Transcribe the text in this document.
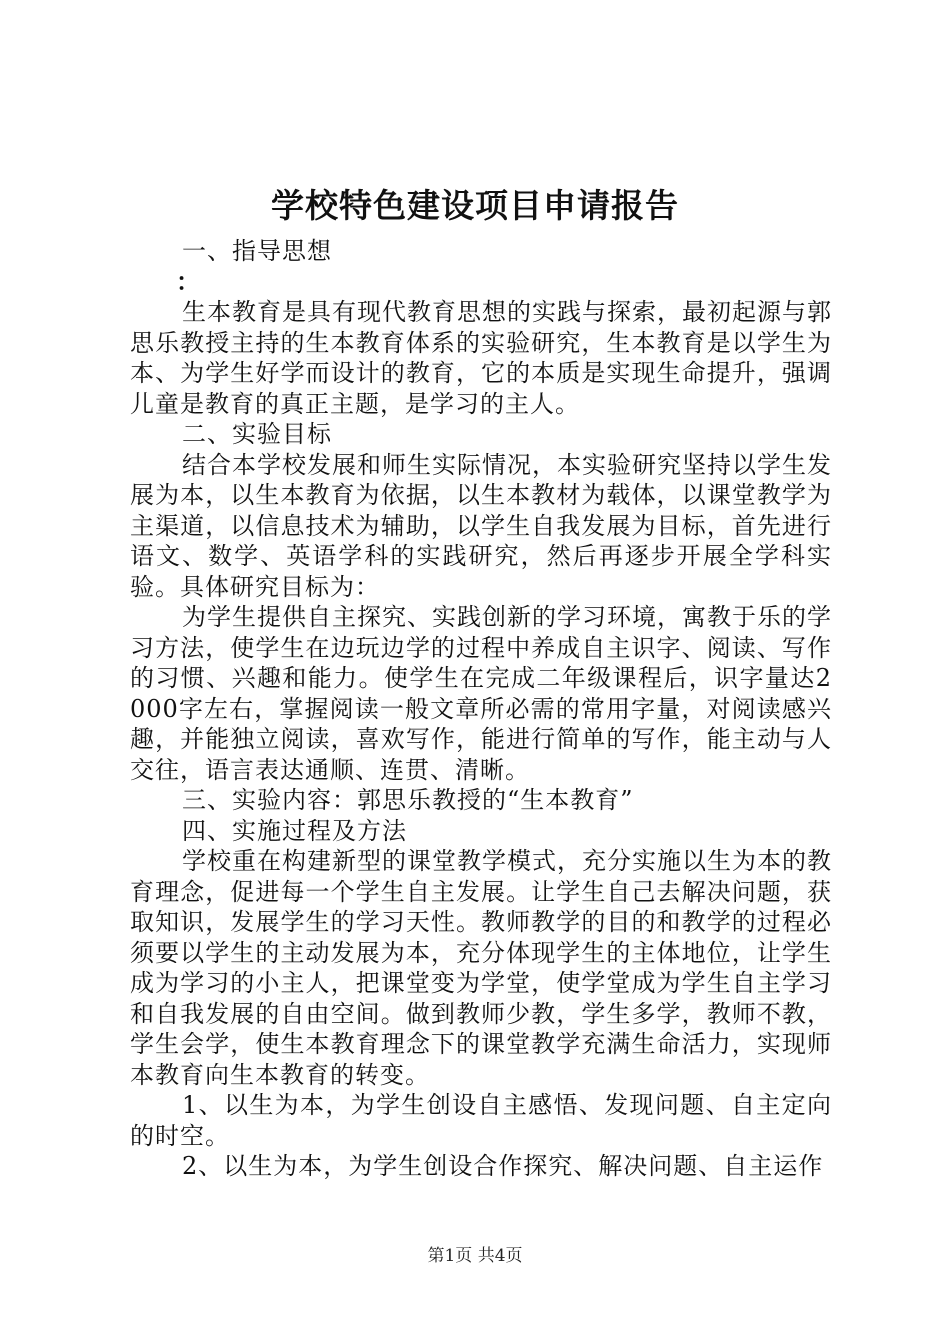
学校特色建设项目申请报告

一、指导思想

：

生本教育是具有现代教育思想的实践与探索，最初起源与郭思乐教授主持的生本教育体系的实验研究，生本教育是以学生为本、为学生好学而设计的教育，它的本质是实现生命提升，强调儿童是教育的真正主题，是学习的主人。

二、实验目标

结合本学校发展和师生实际情况，本实验研究坚持以学生发展为本，以生本教育为依据，以生本教材为载体，以课堂教学为主渠道，以信息技术为辅助，以学生自我发展为目标，首先进行语文、数学、英语学科的实践研究，然后再逐步开展全学科实验。具体研究目标为：

为学生提供自主探究、实践创新的学习环境，寓教于乐的学习方法，使学生在边玩边学的过程中养成自主识字、阅读、写作的习惯、兴趣和能力。使学生在完成二年级课程后，识字量达2000字左右，掌握阅读一般文章所必需的常用字量，对阅读感兴趣，并能独立阅读，喜欢写作，能进行简单的写作，能主动与人交往，语言表达通顺、连贯、清晰。

三、实验内容：郭思乐教授的“生本教育”

四、实施过程及方法

学校重在构建新型的课堂教学模式，充分实施以生为本的教育理念，促进每一个学生自主发展。让学生自己去解决问题，获取知识，发展学生的学习天性。教师教学的目的和教学的过程必须要以学生的主动发展为本，充分体现学生的主体地位，让学生成为学习的小主人，把课堂变为学堂，使学堂成为学生自主学习和自我发展的自由空间。做到教师少教，学生多学，教师不教，学生会学，使生本教育理念下的课堂教学充满生命活力，实现师本教育向生本教育的转变。

1、以生为本，为学生创设自主感悟、发现问题、自主定向的时空。

2、以生为本，为学生创设合作探究、解决问题、自主运作

第1页 共4页
